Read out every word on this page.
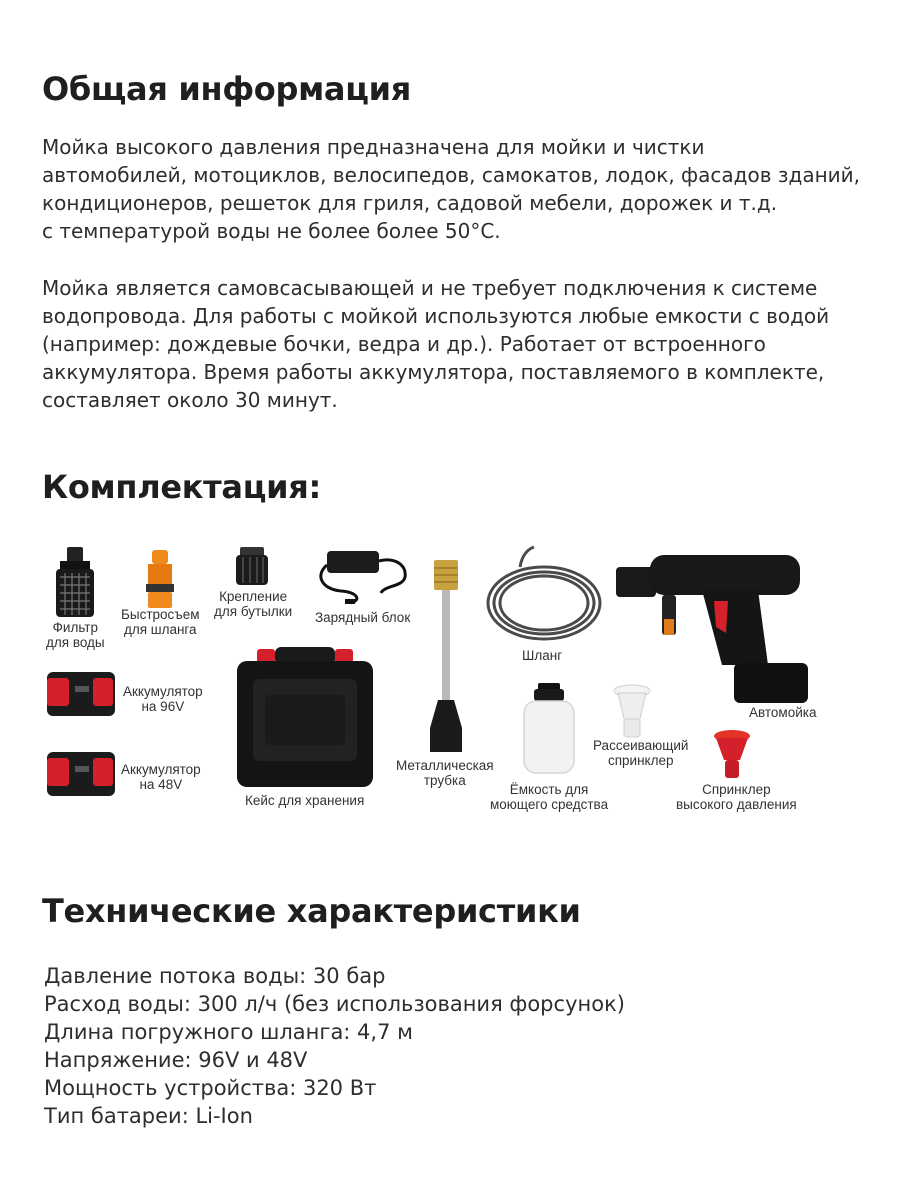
Общая информация
Мойка высокого давления предназначена для мойки и чистки
автомобилей, мотоциклов, велосипедов, самокатов, лодок, фасадов зданий,
кондиционеров, решеток для гриля, садовой мебели, дорожек и т.д.
с температурой воды не более более 50°С.
Мойка является самовсасывающей и не требует подключения к системе
водопровода. Для работы с мойкой используются любые емкости с водой
(например: дождевые бочки, ведра и др.). Работает от встроенного
аккумулятора. Время работы аккумулятора, поставляемого в комплекте,
составляет около 30 минут.
Комплектация:
Фильтр
для воды
Быстросъем
для шланга
Крепление
для бутылки Зарядный блок
Шланг
Автомойка
Аккумулятор
на 96V
Аккумулятор
на 48V
Кейс для хранения
Металлическая
трубка
Ёмкость для
моющего средства
Рассеивающий
спринклер
Спринклер
высокого давления
Технические характеристики
Давление потока воды: 30 бар
Расход воды: 300 л/ч (без использования форсунок)
Длина погружного шланга: 4,7 м
Напряжение: 96V и 48V
Мощность устройства: 320 Вт
Тип батареи: Li-Ion
